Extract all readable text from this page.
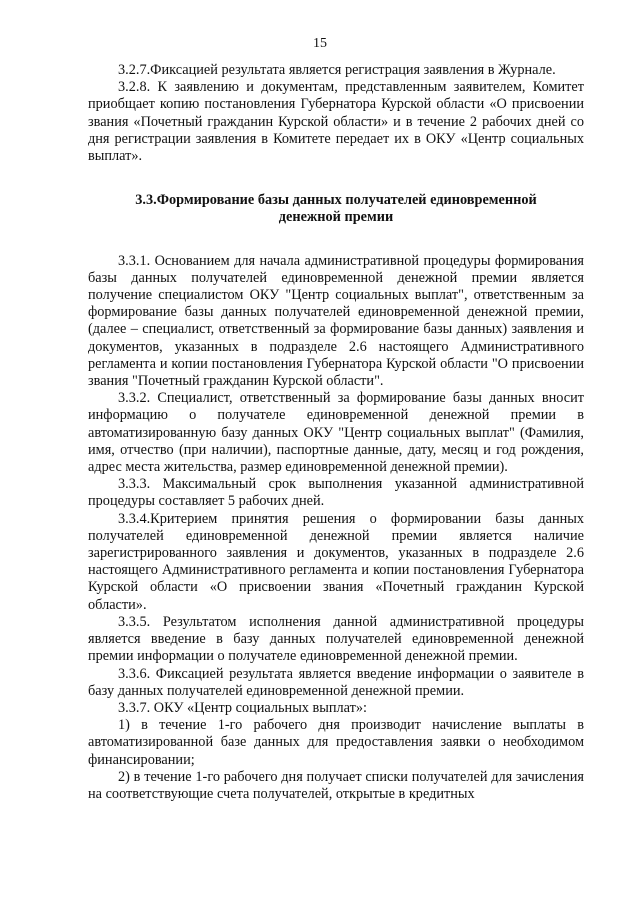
15

3.2.7.Фиксацией результата является регистрация заявления в Журнале.

3.2.8. К заявлению и документам, представленным заявителем, Комитет приобщает копию постановления Губернатора Курской области «О присвоении звания «Почетный гражданин Курской области» и в течение 2 рабочих дней со дня регистрации заявления в Комитете передает их в ОКУ «Центр социальных выплат».

3.3.Формирование базы данных получателей единовременной денежной премии

3.3.1. Основанием для начала административной процедуры формирования базы данных получателей единовременной денежной премии является получение специалистом ОКУ "Центр социальных выплат", ответственным за формирование базы данных получателей единовременной денежной премии, (далее – специалист, ответственный за формирование базы данных) заявления и документов, указанных в подразделе 2.6 настоящего Административного регламента и копии постановления Губернатора Курской области "О присвоении звания "Почетный гражданин Курской области".

3.3.2. Специалист, ответственный за формирование базы данных вносит информацию о получателе единовременной денежной премии в автоматизированную базу данных ОКУ "Центр социальных выплат" (Фамилия, имя, отчество (при наличии), паспортные данные, дату, месяц и год рождения, адрес места жительства, размер единовременной денежной премии).

3.3.3. Максимальный срок выполнения указанной административной процедуры составляет 5 рабочих дней.

3.3.4.Критерием принятия решения о формировании базы данных получателей единовременной денежной премии является наличие зарегистрированного заявления и документов, указанных в подразделе 2.6 настоящего Административного регламента и копии постановления Губернатора Курской области «О присвоении звания «Почетный гражданин Курской области».

3.3.5. Результатом исполнения данной административной процедуры является введение в базу данных получателей единовременной денежной премии информации о получателе единовременной денежной премии.

3.3.6. Фиксацией результата является введение информации о заявителе в базу данных получателей единовременной денежной премии.

3.3.7. ОКУ «Центр социальных выплат»:

1) в течение 1-го рабочего дня производит начисление выплаты в автоматизированной базе данных для предоставления заявки о необходимом финансировании;

2) в течение 1-го рабочего дня получает списки получателей для зачисления на соответствующие счета получателей, открытые в кредитных
